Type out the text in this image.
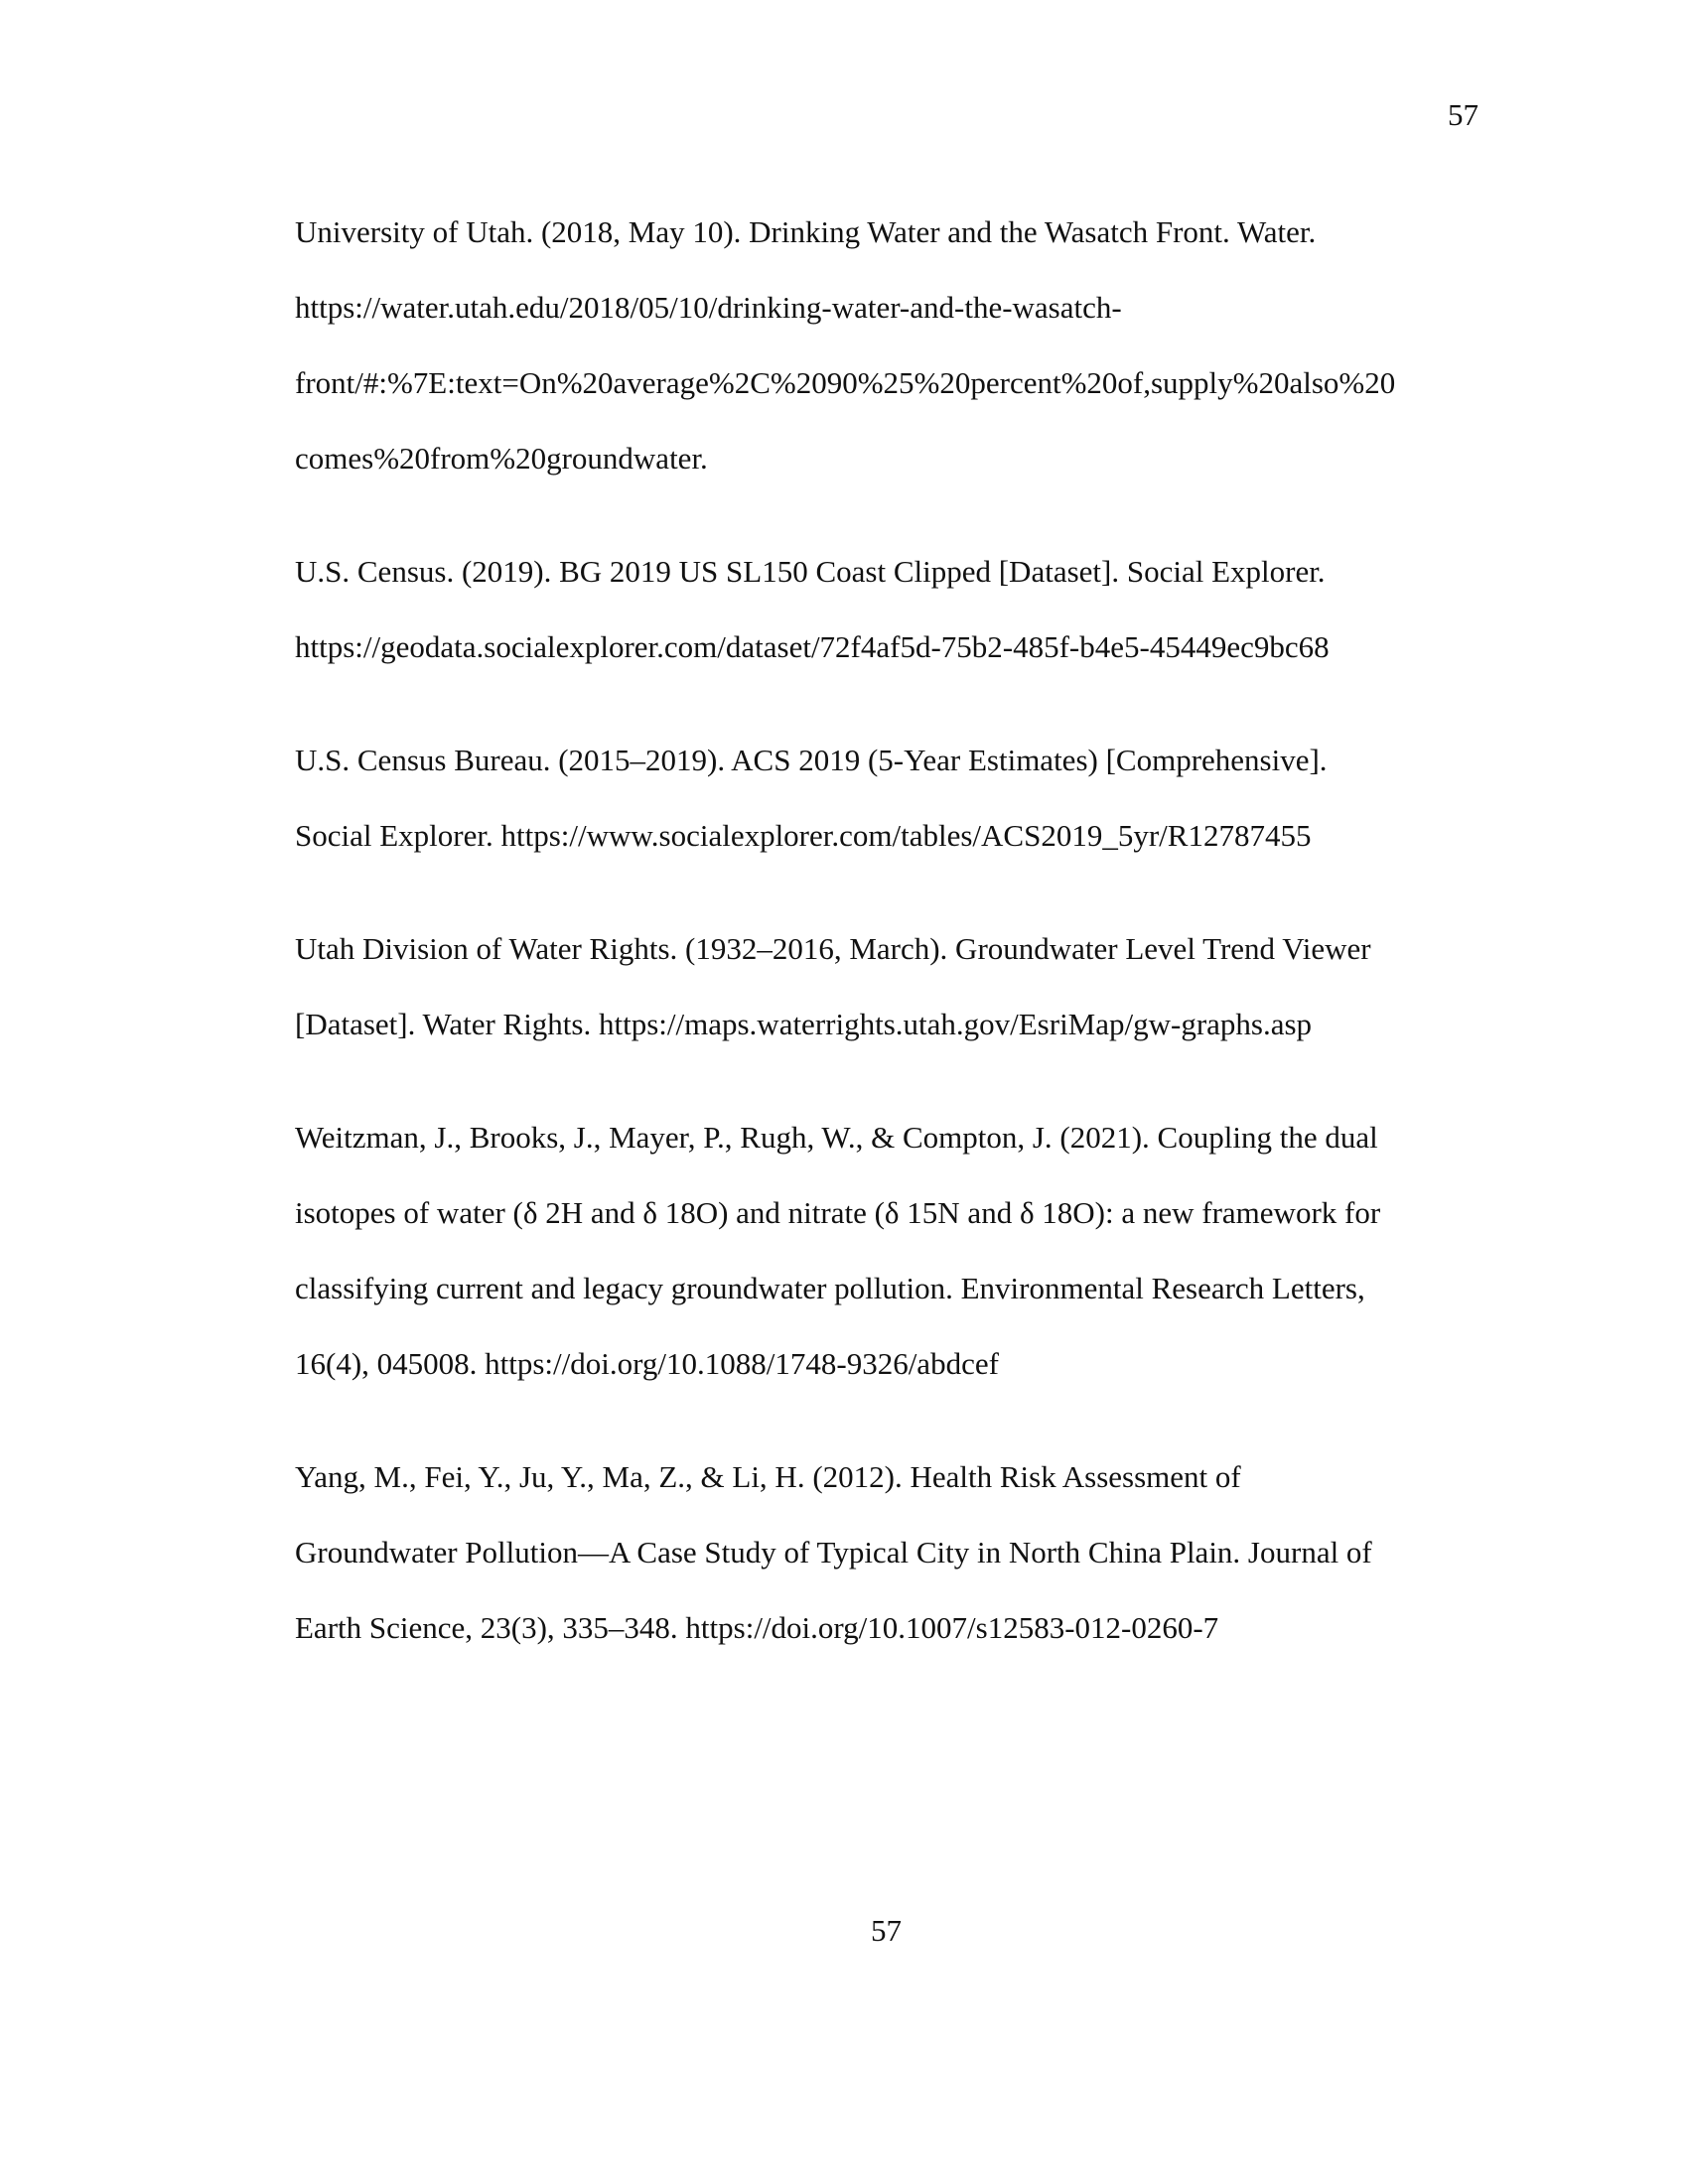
57
University of Utah. (2018, May 10). Drinking Water and the Wasatch Front. Water.
https://water.utah.edu/2018/05/10/drinking-water-and-the-wasatch-
front/#:%7E:text=On%20average%2C%2090%25%20percent%20of,supply%20also%20
comes%20from%20groundwater.
U.S. Census. (2019). BG 2019 US SL150 Coast Clipped [Dataset]. Social Explorer.
https://geodata.socialexplorer.com/dataset/72f4af5d-75b2-485f-b4e5-45449ec9bc68
U.S. Census Bureau. (2015–2019). ACS 2019 (5-Year Estimates) [Comprehensive].
Social Explorer. https://www.socialexplorer.com/tables/ACS2019_5yr/R12787455
Utah Division of Water Rights. (1932–2016, March). Groundwater Level Trend Viewer
[Dataset]. Water Rights. https://maps.waterrights.utah.gov/EsriMap/gw-graphs.asp
Weitzman, J., Brooks, J., Mayer, P., Rugh, W., & Compton, J. (2021). Coupling the dual
isotopes of water (δ 2H and δ 18O) and nitrate (δ 15N and δ 18O): a new framework for
classifying current and legacy groundwater pollution. Environmental Research Letters,
16(4), 045008. https://doi.org/10.1088/1748-9326/abdcef
Yang, M., Fei, Y., Ju, Y., Ma, Z., & Li, H. (2012). Health Risk Assessment of
Groundwater Pollution—A Case Study of Typical City in North China Plain. Journal of
Earth Science, 23(3), 335–348. https://doi.org/10.1007/s12583-012-0260-7
57
